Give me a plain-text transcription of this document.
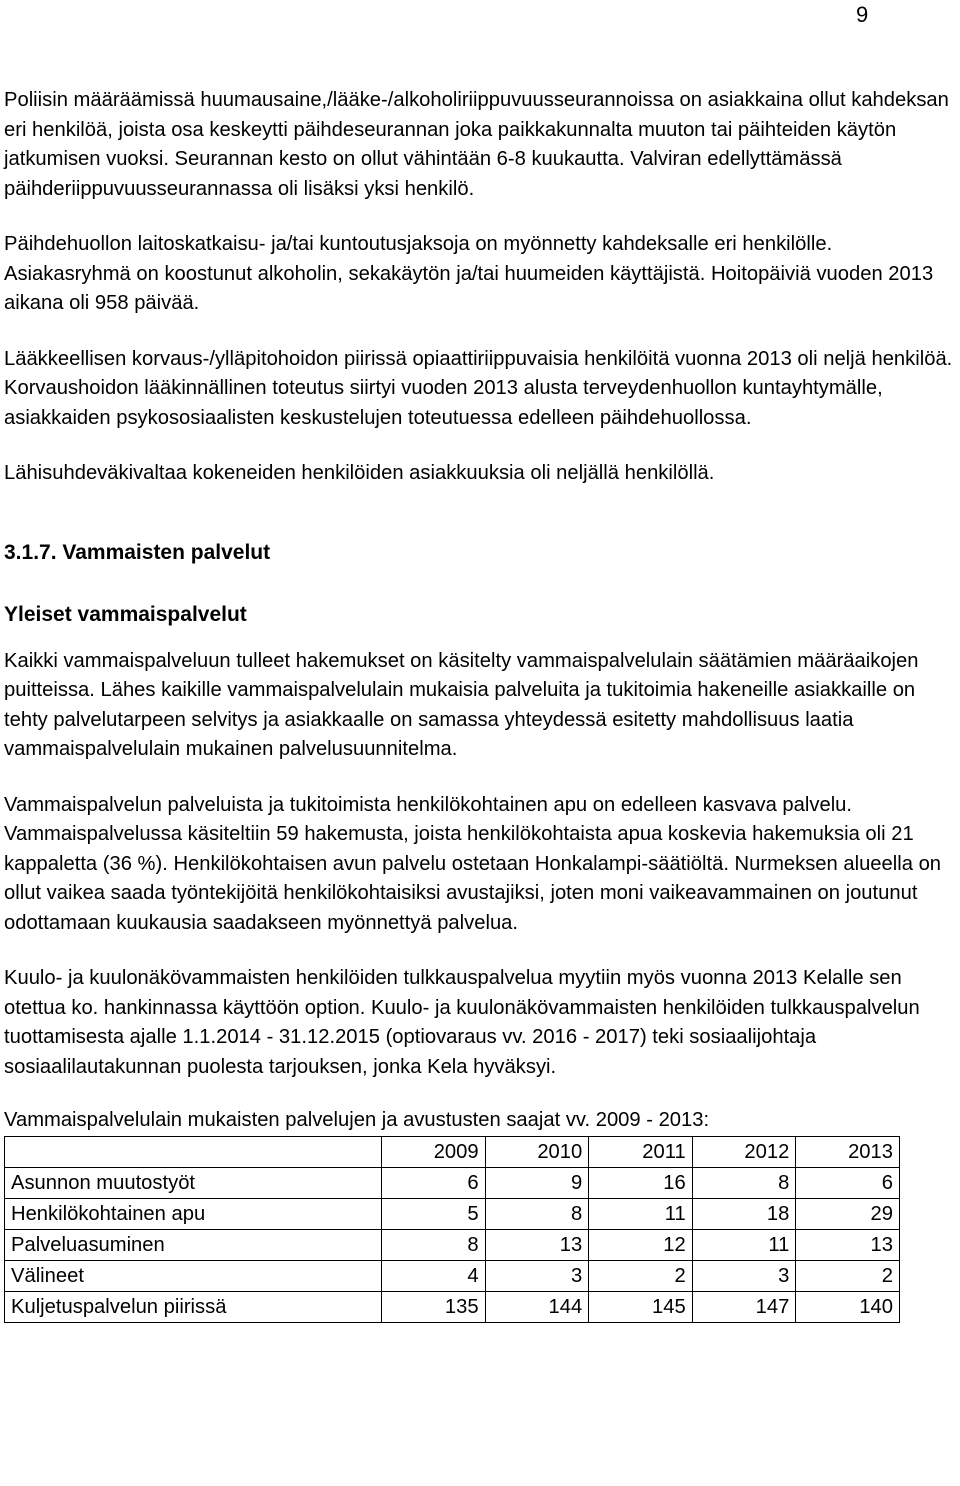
9

Poliisin määräämissä huumausaine,/lääke-/alkoholiriippuvuusseurannoissa on asiakkaina ollut kahdeksan eri henkilöä, joista osa keskeytti päihdeseurannan joka paikkakunnalta muuton tai päihteiden käytön jatkumisen vuoksi. Seurannan kesto on ollut vähintään 6-8 kuukautta. Valviran edellyttämässä päihderiippuvuusseurannassa oli lisäksi yksi henkilö.

Päihdehuollon laitoskatkaisu- ja/tai kuntoutusjaksoja on myönnetty kahdeksalle eri henkilölle. Asiakasryhmä on koostunut alkoholin, sekakäytön ja/tai huumeiden käyttäjistä. Hoitopäiviä vuoden 2013 aikana oli 958 päivää.

Lääkkeellisen korvaus-/ylläpitohoidon piirissä opiaattiriippuvaisia henkilöitä vuonna 2013 oli neljä henkilöä. Korvaushoidon lääkinnällinen toteutus siirtyi vuoden 2013 alusta terveydenhuollon kuntayhtymälle, asiakkaiden psykososiaalisten keskustelujen toteutuessa edelleen päihdehuollossa.

Lähisuhdeväkivaltaa kokeneiden henkilöiden asiakkuuksia oli neljällä henkilöllä.

3.1.7. Vammaisten palvelut
Yleiset vammaispalvelut

Kaikki vammaispalveluun tulleet hakemukset on käsitelty vammaispalvelulain säätämien määräaikojen puitteissa. Lähes kaikille vammaispalvelulain mukaisia palveluita ja tukitoimia hakeneille asiakkaille on tehty palvelutarpeen selvitys ja asiakkaalle on samassa yhteydessä esitetty mahdollisuus laatia vammaispalvelulain mukainen palvelusuunnitelma.

Vammaispalvelun palveluista ja tukitoimista henkilökohtainen apu on edelleen kasvava palvelu. Vammaispalvelussa käsiteltiin 59 hakemusta, joista henkilökohtaista apua koskevia hakemuksia oli 21 kappaletta (36 %). Henkilökohtaisen avun palvelu ostetaan Honkalampi-säätiöltä. Nurmeksen alueella on ollut vaikea saada työntekijöitä henkilökohtaisiksi avustajiksi, joten moni vaikeavammainen on joutunut odottamaan kuukausia saadakseen myönnettyä palvelua.

Kuulo- ja kuulonäkövammaisten henkilöiden tulkkauspalvelua myytiin myös vuonna 2013 Kelalle sen otettua ko. hankinnassa käyttöön option. Kuulo- ja kuulonäkövammaisten henkilöiden tulkkauspalvelun tuottamisesta ajalle 1.1.2014 - 31.12.2015 (optiovaraus vv. 2016 - 2017) teki sosiaalijohtaja sosiaalilautakunnan puolesta tarjouksen, jonka Kela hyväksyi.

Vammaispalvelulain mukaisten palvelujen ja avustusten saajat vv. 2009 - 2013:

	2009	2010	2011	2012	2013
Asunnon muutostyöt	6	9	16	8	6
Henkilökohtainen apu	5	8	11	18	29
Palveluasuminen	8	13	12	11	13
Välineet	4	3	2	3	2
Kuljetuspalvelun piirissä	135	144	145	147	140
